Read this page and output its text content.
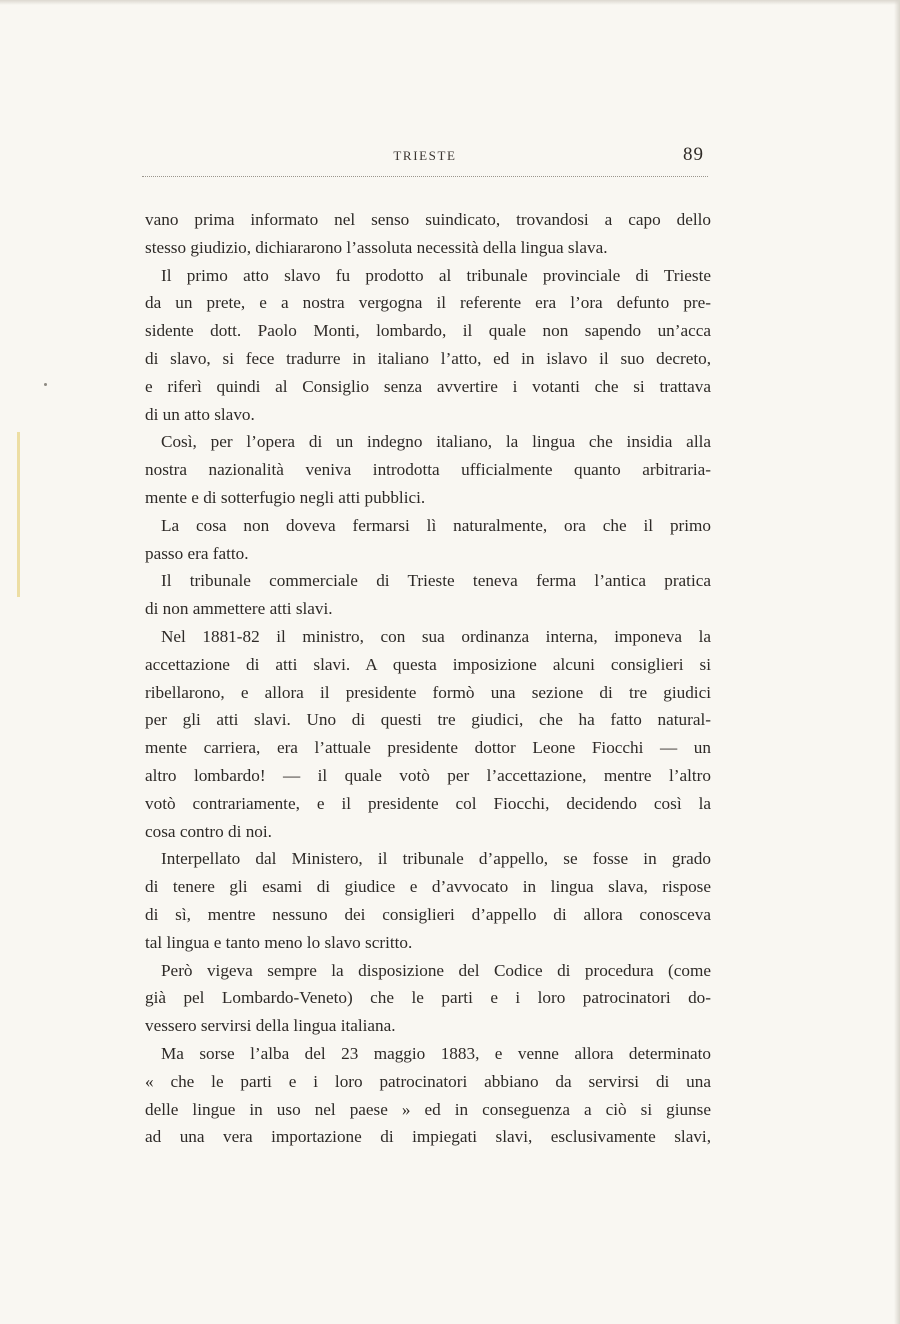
TRIESTE	89
vano prima informato nel senso suindicato, trovandosi a capo dello
stesso giudizio, dichiararono l’assoluta necessità della lingua slava.
Il primo atto slavo fu prodotto al tribunale provinciale di Trieste
da un prete, e a nostra vergogna il referente era l’ora defunto pre-
sidente dott. Paolo Monti, lombardo, il quale non sapendo un’acca
di slavo, si fece tradurre in italiano l’atto, ed in islavo il suo decreto,
e riferì quindi al Consiglio senza avvertire i votanti che si trattava
di un atto slavo.
Così, per l’opera di un indegno italiano, la lingua che insidia alla
nostra nazionalità veniva introdotta ufficialmente quanto arbitraria-
mente e di sotterfugio negli atti pubblici.
La cosa non doveva fermarsi lì naturalmente, ora che il primo
passo era fatto.
Il tribunale commerciale di Trieste teneva ferma l’antica pratica
di non ammettere atti slavi.
Nel 1881-82 il ministro, con sua ordinanza interna, imponeva la
accettazione di atti slavi. A questa imposizione alcuni consiglieri si
ribellarono, e allora il presidente formò una sezione di tre giudici
per gli atti slavi. Uno di questi tre giudici, che ha fatto natural-
mente carriera, era l’attuale presidente dottor Leone Fiocchi — un
altro lombardo! — il quale votò per l’accettazione, mentre l’altro
votò contrariamente, e il presidente col Fiocchi, decidendo così la
cosa contro di noi.
Interpellato dal Ministero, il tribunale d’appello, se fosse in grado
di tenere gli esami di giudice e d’avvocato in lingua slava, rispose
di sì, mentre nessuno dei consiglieri d’appello di allora conosceva
tal lingua e tanto meno lo slavo scritto.
Però vigeva sempre la disposizione del Codice di procedura (come
già pel Lombardo-Veneto) che le parti e i loro patrocinatori do-
vessero servirsi della lingua italiana.
Ma sorse l’alba del 23 maggio 1883, e venne allora determinato
« che le parti e i loro patrocinatori abbiano da servirsi di una
delle lingue in uso nel paese » ed in conseguenza a ciò si giunse
ad una vera importazione di impiegati slavi, esclusivamente slavi,
